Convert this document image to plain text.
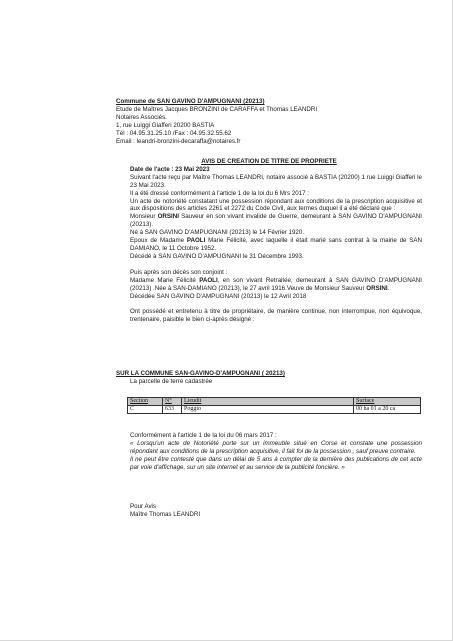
Commune de SAN GAVINO D'AMPUGNANI (20213)

Etude de Maîtres Jacques BRONZINI de CARAFFA et Thomas LEANDRI

Notaires Associés.

1, rue Luiggi Giafferi 20200 BASTIA

Tél : 04.95.31.25.10 /Fax : 04.95.32.55.62

Email : leandri-bronzini-decaraffa@notaires.fr

AVIS DE CREATION DE TITRE DE PROPRIETE

Date de l'acte : 23 Mai 2023

Suivant l'acte reçu par Maître Thomas LEANDRI, notaire associé à BASTIA (20200) 1 rue Luiggi Giafferi le 23 Mai 2023.

Il a été dressé conformément à l'article 1 de la loi du 6 Mrs 2017 :

Un acte de notoriété constatant une possession répondant aux conditions de la prescription acquisitive et aux dispositions des articles 2261 et 2272 du Code Civil, aux termes duquel il a été déclaré que :

Monsieur ORSINI Sauveur en son vivant invalide de Guerre, demeurant à SAN GAVINO D'AMPUGNANI (20213).

Né à SAN GAVINO D'AMPUGNANI (20213) le 14 Février 1920.

Epoux de Madame PAOLI Marie Félicité, avec laquelle il était marié sans contrat à la mairie de SAN DAMIANO, le 11 Octobre 1952.

Décédé à SAN GAVINO D'AMPUGNANI le 31 Décembre 1993.

Puis après son décès son conjoint :

Madame Marie Félicité PAOLI, en son vivant Retraitée, demeurant à SAN GAVINO D'AMPUGNANI (20213) .Née à SAN-DAMIANO (20213), le 27 avril 1916.Veuve de Monsieur Sauveur ORSINI.

Décédée SAN GAVINO D'AMPUGNANI (20213) le 12 Avril 2018

Ont possédé et entretenu à titre de propriétaire, de manière continue, non interrompue, non équivoque, trentenaire, paisible le bien ci-après désigné :

SUR LA COMMUNE SAN-GAVINO-D'AMPUGNANI ( 20213)

La parcelle de terre cadastrée

Section	N°	Lieudit	Surface
C	633	Poggio	00 ha 01 a 20 ca

Conformément à l'article 1 de la loi du 06 mars 2017 :

« Lorsqu'un acte de Notoriété porte sur un immeuble situé en Corse et constate une possession répondant aux conditions de la prescription acquisitive, il fait foi de la possession , sauf preuve contraire.

Il ne peut être contesté que dans un délai de 5 ans à compter de la dernière des publications de cet acte par voie d'affichage, sur un site internet et au service de la publicité foncière. »

Pour Avis

Maître Thomas LEANDRI
